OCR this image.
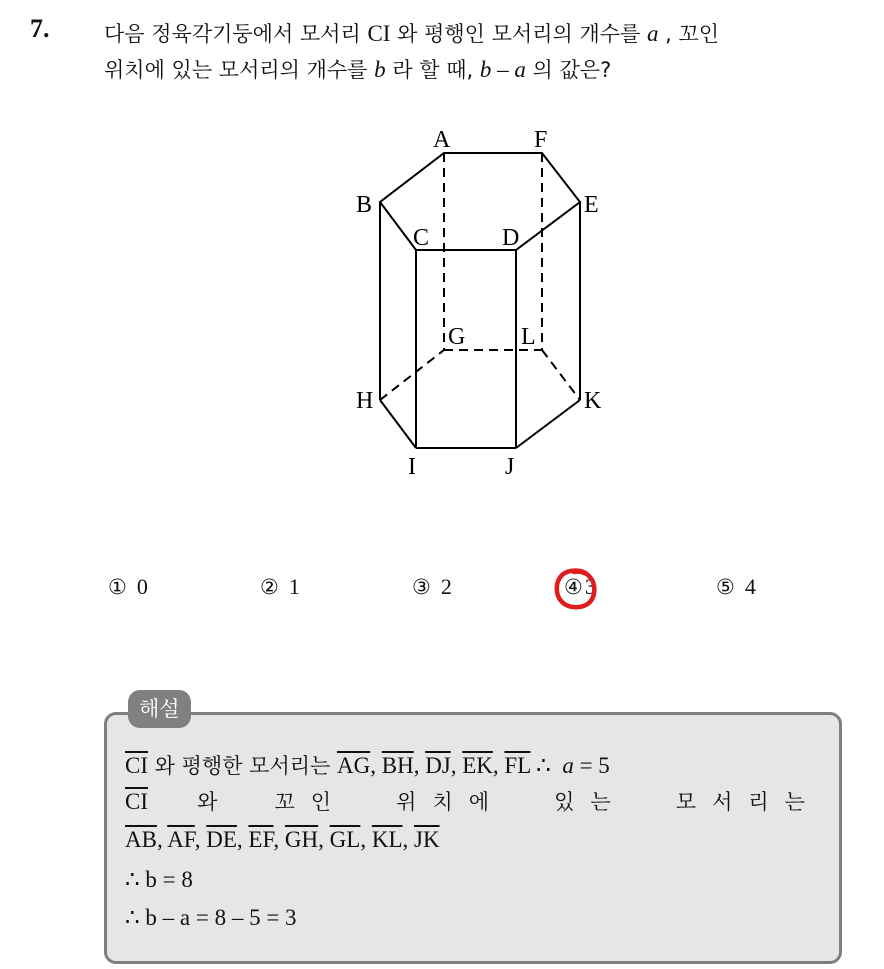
7.	다음 정육각기둥에서 모서리 CI 와 평행인 모서리의 개수를 a , 꼬인
위치에 있는 모서리의 개수를 b 라 할 때, b – a 의 값은?
A	F
B	E
C	D
G L
H	K
I	J
① 0	② 1	③ 2	④3	⑤ 4
해설
$\overline{CI}$ 와 평행한 모서리는 $\overline{AG}$, $\overline{BH}$, $\overline{DJ}$, $\overline{EK}$, $\overline{FL}$ ∴ a = 5
$\overline{CI}$ 와 꼬인 위치에 있는 모서리는
$\overline{AB}$, $\overline{AF}$, $\overline{DE}$, $\overline{EF}$, $\overline{GH}$, $\overline{GL}$, $\overline{KL}$, $\overline{JK}$
∴ b = 8
∴ b – a = 8 – 5 = 3
